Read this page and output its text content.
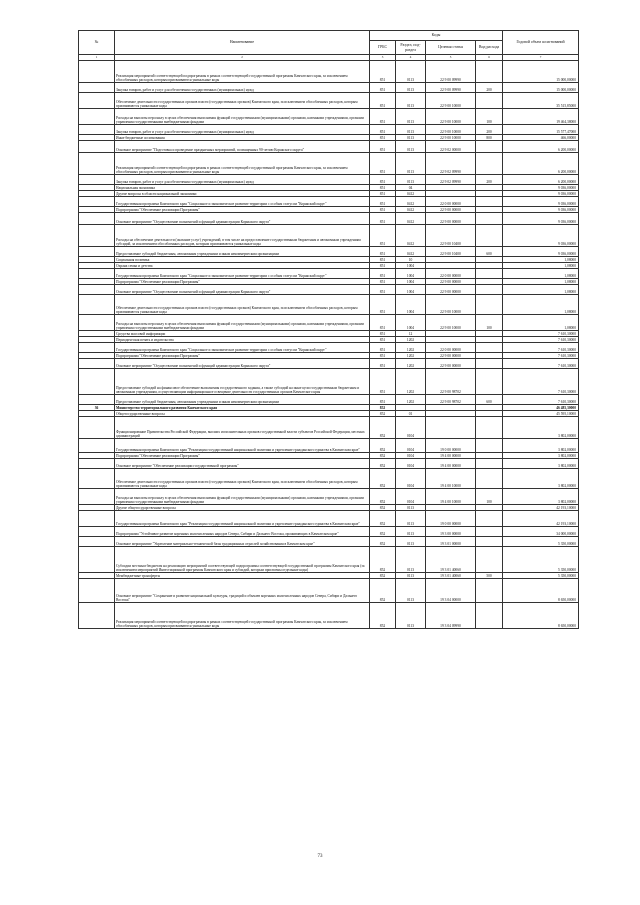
№	Наименование	Коды				Годовой объем ассигнований
		ГРБС	Раздел, под-раздел	Целевая статья	Вид расхода	
1	2	3	4	5	6	7
	Реализация мероприятий соответствующей подпрограммы в рамках соответствующей государственной программы Камчатского края, за исключением обособленных расходов, которым присваиваются уникальные коды	851	0113	22 9 00 09990		15 000,00000
	Закупка товаров, работ и услуг для обеспечения государственных (муниципальных) нужд	851	0113	22 9 00 09990	200	15 000,00000
	Обеспечение деятельности государственных органов власти (государственных органов) Камчатского края, за исключением обособленных расходов, которым присваиваются уникальные коды	851	0113	22 9 00 10000		35 515,85000
	Расходы на выплаты персоналу в целях обеспечения выполнения функций государственными (муниципальными) органами, казенными учреждениями, органами управления государственными внебюджетными фондами	851	0113	22 9 00 10000	100	19 464,38000
	Закупка товаров, работ и услуг для обеспечения государственных (муниципальных) нужд	851	0113	22 9 00 10000	200	15 577,47000
	Иные бюджетные ассигнования	851	0113	22 9 00 10000	800	466,00000
	Основное мероприятие "Подготовка и проведение праздничных мероприятий, посвященных 90-летию Корякского округа"	851	0113	22 9 02 00000		6 200,00000
	Реализация мероприятий соответствующей подпрограммы в рамках соответствующей государственной программы Камчатского края, за исключением обособленных расходов, которым присваиваются уникальные коды	851	0113	22 9 02 09990		6 200,00000
	Закупка товаров, работ и услуг для обеспечения государственных (муниципальных) нужд	851	0113	22 9 02 09990	200	6 200,00000
	Национальная экономика	851	04			9 036,00000
	Другие вопросы в области национальной экономики	851	0412			9 036,00000
	Государственная программа Камчатского края "Социальное и экономическое развитие территории с особым статусом "Корякский округ"	851	0412	22 0 00 00000		9 036,00000
	Подпрограмма "Обеспечение реализации Программы"	851	0412	22 9 00 00000		9 036,00000
	Основное мероприятие "Осуществление полномочий и функций администрации Корякского округа"	851	0412	22 9 00 00000		9 036,00000
	Расходы на обеспечение деятельности (оказание услуг) учреждений, в том числе на предоставление государственным бюджетным и автономным учреждениям субсидий, за исключением обособленных расходов, которым присваиваются уникальные коды	851	0412	22 9 00 10400		9 036,00000
	Предоставление субсидий бюджетным, автономным учреждениям и иным некоммерческим организациям	851	0412	22 9 00 10400	600	9 036,00000
	Социальная политика	851	10			1,08000
	Охрана семьи и детства	851	1004			1,08000
	Государственная программа Камчатского края "Социальное и экономическое развитие территории с особым статусом "Корякский округ"	851	1004	22 0 00 00000		1,08000
	Подпрограмма "Обеспечение реализации Программы"	851	1004	22 9 00 00000		1,08000
	Основное мероприятие "Осуществление полномочий и функций администрации Корякского округа"	851	1004	22 9 00 00000		1,08000
	Обеспечение деятельности государственных органов власти (государственных органов) Камчатского края, за исключением обособленных расходов, которым присваиваются уникальные коды	851	1004	22 9 00 10000		1,08000
	Расходы на выплаты персоналу в целях обеспечения выполнения функций государственными (муниципальными) органами, казенными учреждениями, органами управления государственными внебюджетными фондами	851	1004	22 9 00 10000	100	1,08000
	Средства массовой информации	851	12			7 610,30000
	Периодическая печать и издательства	851	1202			7 610,30000
	Государственная программа Камчатского края "Социальное и экономическое развитие территории с особым статусом "Корякский округ"	851	1202	22 0 00 00000		7 610,30000
	Подпрограмма "Обеспечение реализации Программы"	851	1202	22 9 00 00000		7 610,30000
	Основное мероприятие "Осуществление полномочий и функций администрации Корякского округа"	851	1202	22 9 00 00000		7 610,30000
	Предоставление субсидий на финансовое обеспечение выполнения государственного задания, а также субсидий на иные цели государственным бюджетным и автономным учреждениям, осуществляющим информационное освещение деятельности государственных органов Камчатского края	851	1202	22 9 00 98702		7 610,30000
	Предоставление субсидий бюджетным, автономным учреждениям и иным некоммерческим организациям	851	1202	22 9 00 98702	600	7 610,30000
36	Министерство территориального развития Камчатского края	852				46 485,30000
	Общегосударственные вопросы	852	01			45 595,10000
	Функционирование Правительства Российской Федерации, высших исполнительных органов государственной власти субъектов Российской Федерации, местных администраций	852	0104			3 802,00000
	Государственная программа Камчатского края "Реализация государственной национальной политики и укрепление гражданского единства в Камчатском крае"	852	0104	19 0 00 00000		3 802,00000
	Подпрограмма "Обеспечение реализации Программы"	852	0104	19 4 00 00000		3 802,00000
	Основное мероприятие "Обеспечение реализации государственной программы"	852	0104	19 4 00 00000		3 802,00000
	Обеспечение деятельности государственных органов власти (государственных органов) Камчатского края, за исключением обособленных расходов, которым присваиваются уникальные коды	852	0104	19 4 00 10000		3 802,00000
	Расходы на выплаты персоналу в целях обеспечения выполнения функций государственными (муниципальными) органами, казенными учреждениями, органами управления государственными внебюджетными фондами	852	0104	19 4 00 10000	100	3 802,00000
	Другие общегосударственные вопросы	852	0113			42 193,10000
	Государственная программа Камчатского края "Реализация государственной национальной политики и укрепление гражданского единства в Камчатском крае"	852	0113	19 0 00 00000		42 193,10000
	Подпрограмма "Устойчивое развитие коренных малочисленных народов Севера, Сибири и Дальнего Востока, проживающих в Камчатском крае"	852	0113	19 3 00 00000		34 000,00000
	Основное мероприятие "Укрепление материально-технической базы традиционных отраслей хозяйствования в Камчатском крае"	852	0113	19 3 01 00000		5 350,00000
	Субсидии местным бюджетам на реализацию мероприятий соответствующей подпрограммы соответствующей государственной программы Камчатского края (за исключением мероприятий Инвестиционной программы Камчатского края и субсидий, которым присвоены отдельные коды)	852	0113	19 3 01 40060		5 350,00000
	Межбюджетные трансферты	852	0113	19 3 01 40060	500	5 350,00000
	Основное мероприятие "Сохранение и развитие национальной культуры, традиций и обычаев коренных малочисленных народов Севера, Сибири и Дальнего Востока"	852	0113	19 3 04 00000		8 650,00000
	Реализация мероприятий соответствующей подпрограммы в рамках соответствующей государственной программы Камчатского края, за исключением обособленных расходов, которым присваиваются уникальные коды	852	0113	19 3 04 09990		8 650,00000
73
